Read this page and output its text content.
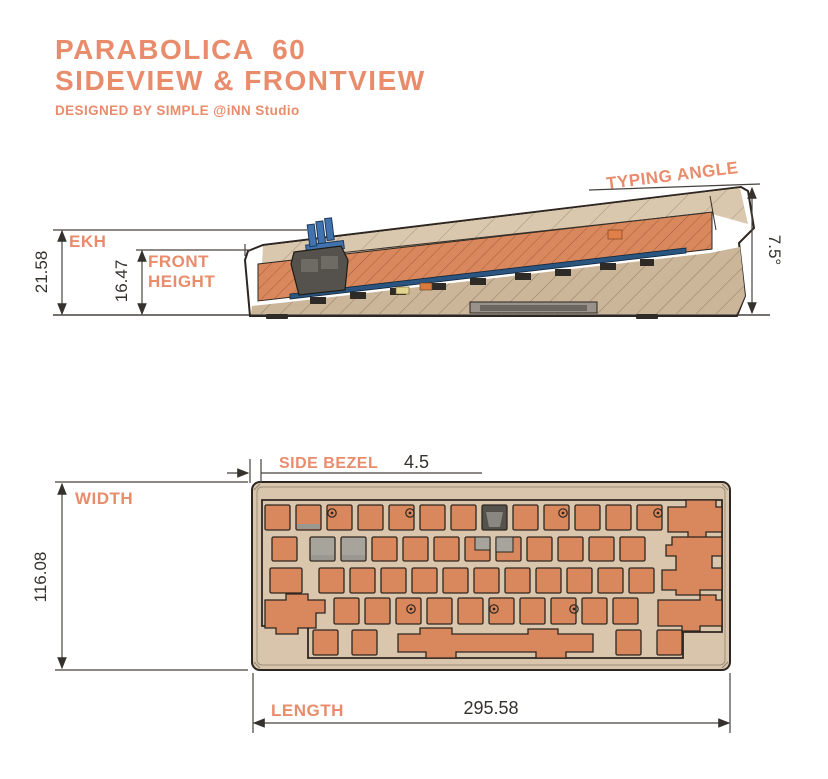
PARABOLICA  60
SIDEVIEW & FRONTVIEW
DESIGNED BY SIMPLE @iNN Studio
21.58
EKH
16.47 FRONT
HEIGHT
TYPING ANGLE
7.5°
WIDTH
116.08
SIDE BEZEL 4.5
LENGTH	295.58
